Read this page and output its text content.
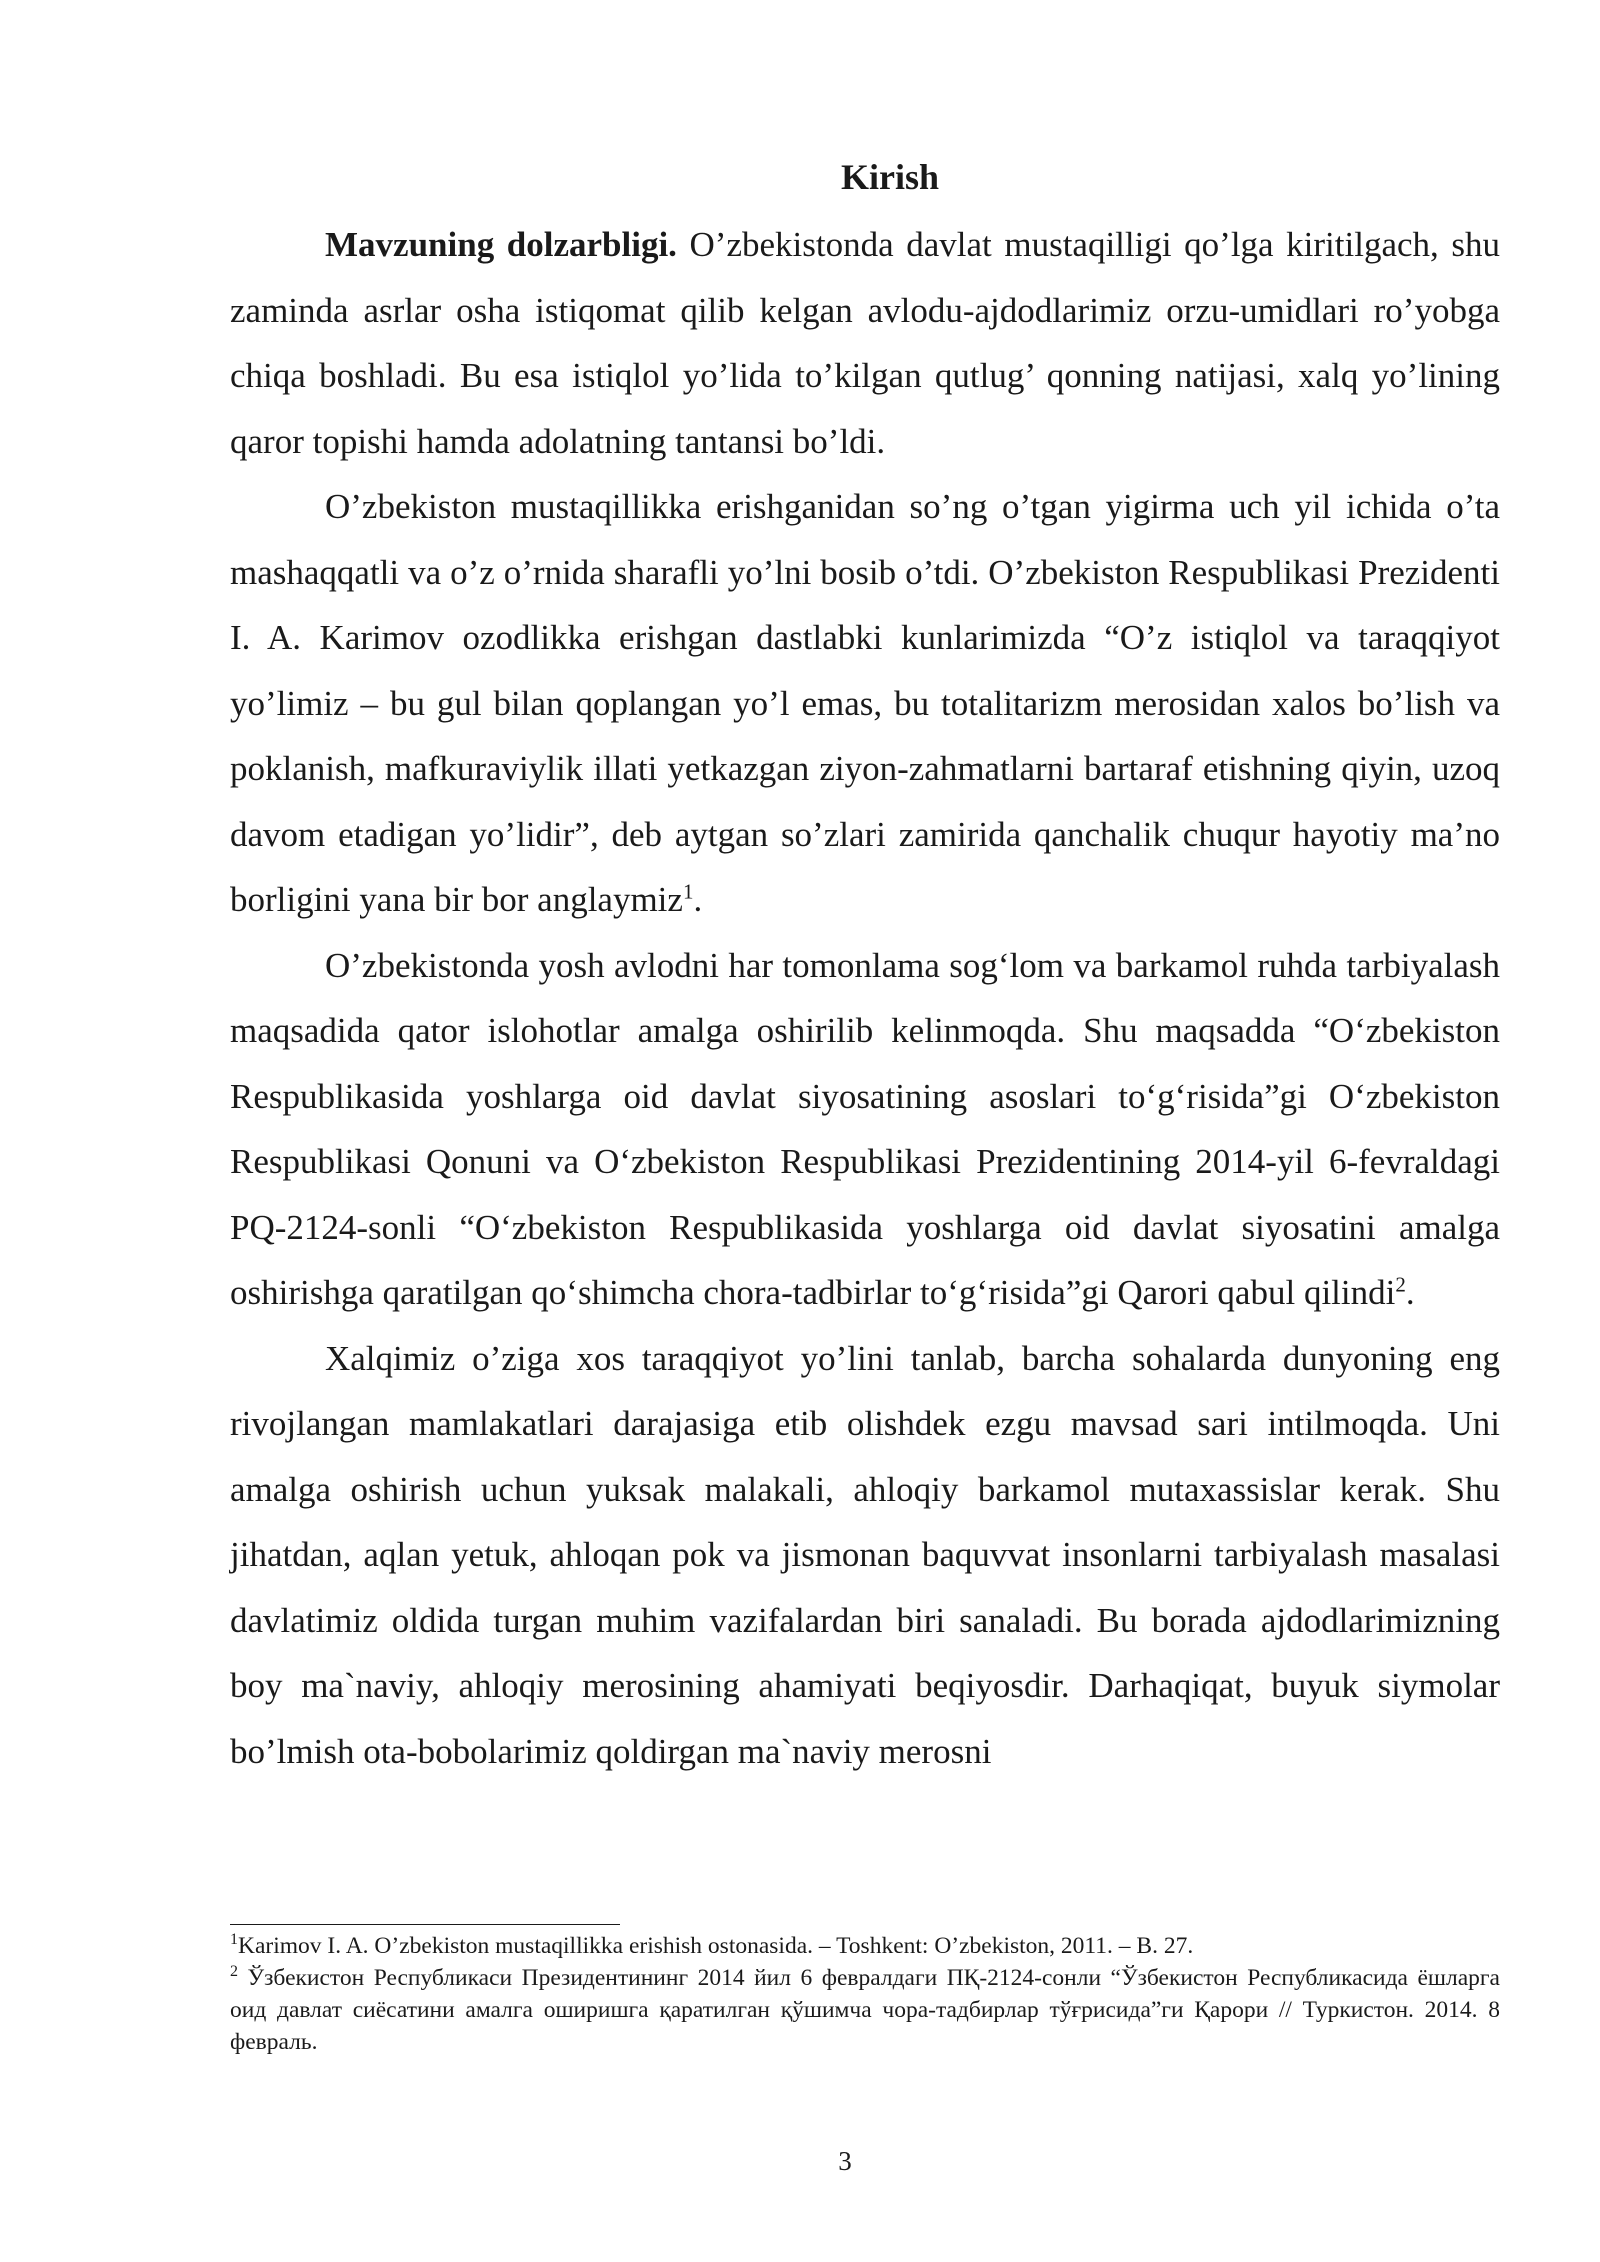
Kirish

Mavzuning dolzarbligi. O’zbekistonda davlat mustaqilligi qo’lga kiritilgach, shu zaminda asrlar osha istiqomat qilib kelgan avlodu-ajdodlarimiz orzu-umidlari ro’yobga chiqa boshladi. Bu esa istiqlol yo’lida to’kilgan qutlug’ qonning natijasi, xalq yo’lining qaror topishi hamda adolatning tantansi bo’ldi.

O’zbekiston mustaqillikka erishganidan so’ng o’tgan yigirma uch yil ichida o’ta mashaqqatli va o’z o’rnida sharafli yo’lni bosib o’tdi. O’zbekiston Respublikasi Prezidenti I. A. Karimov ozodlikka erishgan dastlabki kunlarimizda “O’z istiqlol va taraqqiyot yo’limiz – bu gul bilan qoplangan yo’l emas, bu totalitarizm merosidan xalos bo’lish va poklanish, mafkuraviylik illati yetkazgan ziyon-zahmatlarni bartaraf etishning qiyin, uzoq davom etadigan yo’lidir”, deb aytgan so’zlari zamirida qanchalik chuqur hayotiy ma’no borligini yana bir bor anglaymiz$^1$.

O’zbekistonda yosh avlodni har tomonlama sog‘lom va barkamol ruhda tarbiyalash maqsadida qator islohotlar amalga oshirilib kelinmoqda. Shu maqsadda “O‘zbekiston Respublikasida yoshlarga oid davlat siyosatining asoslari to‘g‘risida”gi O‘zbekiston Respublikasi Qonuni va O‘zbekiston Respublikasi Prezidentining 2014-yil 6-fevraldagi PQ-2124-sonli “O‘zbekiston Respublikasida yoshlarga oid davlat siyosatini amalga oshirishga qaratilgan qo‘shimcha chora-tadbirlar to‘g‘risida”gi Qarori qabul qilindi$^2$.

Xalqimiz o’ziga xos taraqqiyot yo’lini tanlab, barcha sohalarda dunyoning eng rivojlangan mamlakatlari darajasiga etib olishdek ezgu mavsad sari intilmoqda. Uni amalga oshirish uchun yuksak malakali, ahloqiy barkamol mutaxassislar kerak. Shu jihatdan, aqlan yetuk, ahloqan pok va jismonan baquvvat insonlarni tarbiyalash masalasi davlatimiz oldida turgan muhim vazifalardan biri sanaladi. Bu borada ajdodlarimizning boy ma`naviy, ahloqiy merosining ahamiyati beqiyosdir. Darhaqiqat, buyuk siymolar bo’lmish ota-bobolarimiz qoldirgan ma`naviy merosni

$^1$Karimov I. A. O’zbekiston mustaqillikka erishish ostonasida. – Toshkent: O’zbekiston, 2011. – B. 27.

$^2$ Ўзбекистон Республикаси Президентининг 2014 йил 6 февралдаги ПҚ-2124-сонли “Ўзбекистон Республикасида ёшларга оид давлат сиёсатини амалга оширишга қаратилган қўшимча чора-тадбирлар тўғрисида”ги Қарори // Туркистон. 2014. 8 февраль.

3
